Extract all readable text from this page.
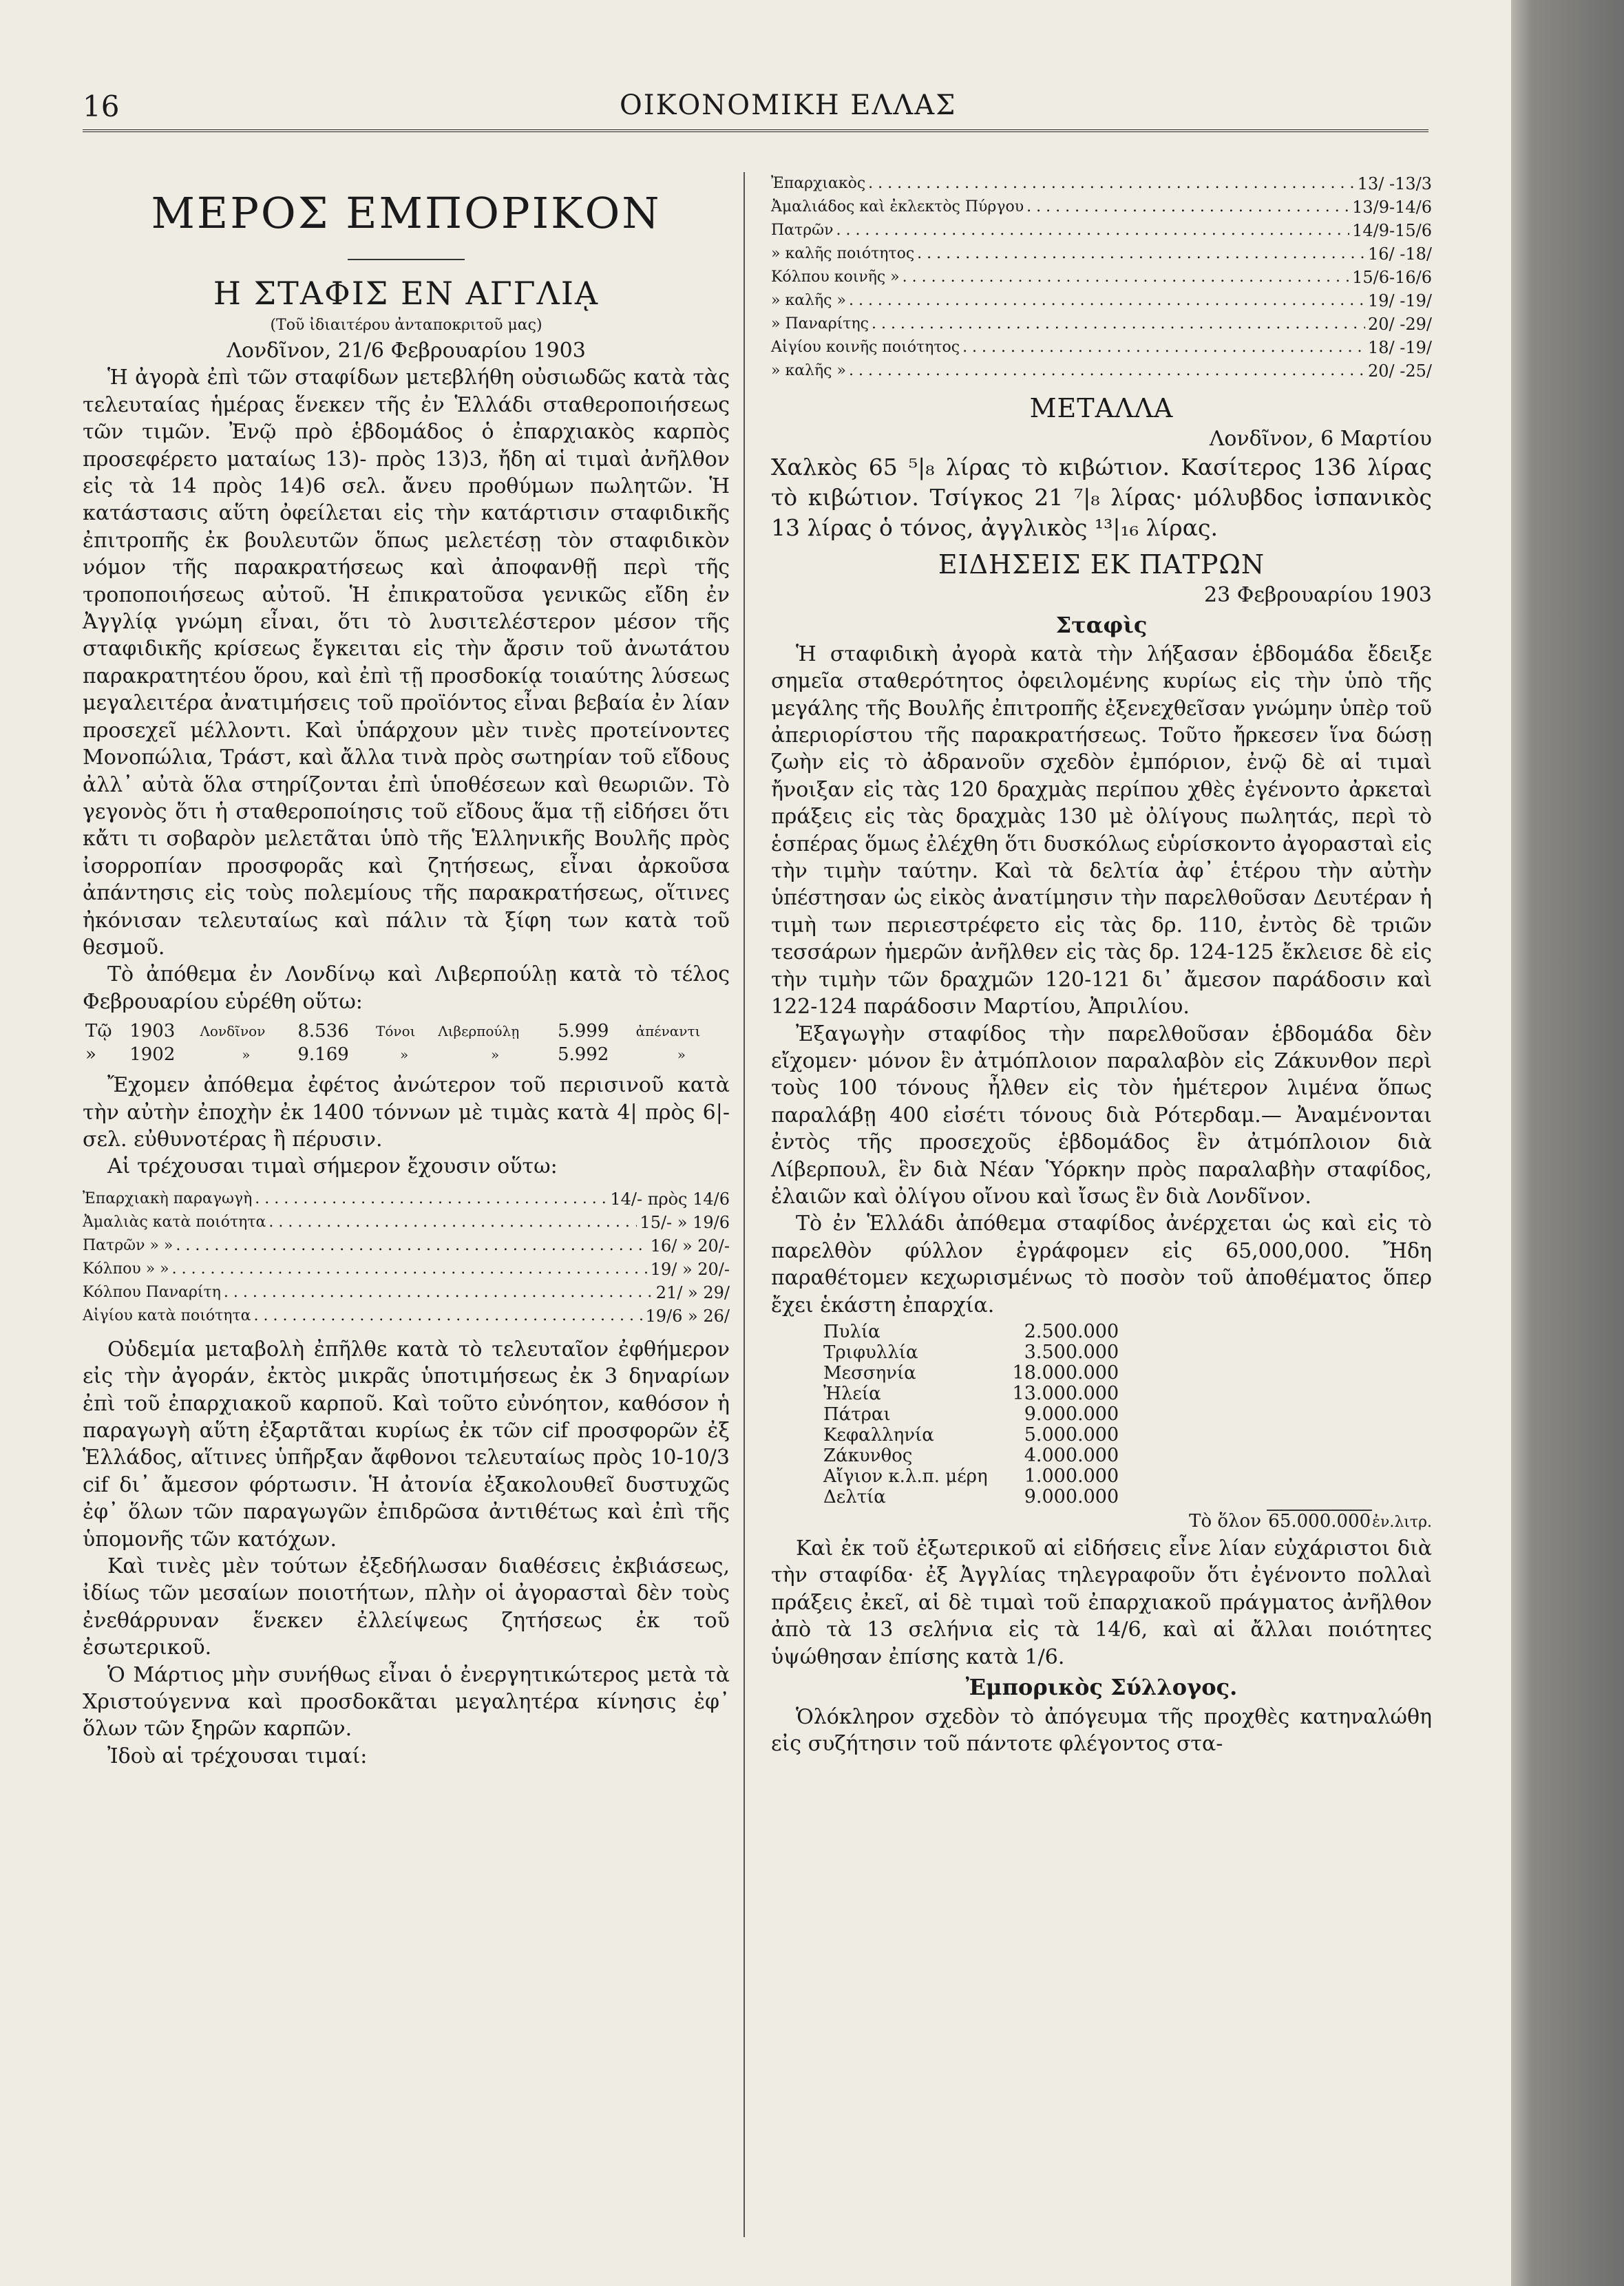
16	ΟΙΚΟΝΟΜΙΚΗ ΕΛΛΑΣ
ΜΕΡΟΣ ΕΜΠΟΡΙΚΟΝ
Η ΣΤΑΦΙΣ ΕΝ ΑΓΓΛΙᾼ

(Τοῦ ἰδιαιτέρου ἀνταποκριτοῦ μας)

Λονδῖνον, 21/6 Φεβρουαρίου 1903

Ἡ ἀγορὰ ἐπὶ τῶν σταφίδων μετεβλήθη οὐσιωδῶς κατὰ τὰς τελευταίας ἡμέρας ἕνεκεν τῆς ἐν Ἑλλάδι σταθεροποιήσεως τῶν τιμῶν. Ἐνῷ πρὸ ἑβδομάδος ὁ ἐπαρχιακὸς καρπὸς προσεφέρετο ματαίως 13)- πρὸς 13)3, ἤδη αἱ τιμαὶ ἀνῆλθον εἰς τὰ 14 πρὸς 14)6 σελ. ἄνευ προθύμων πωλητῶν. Ἡ κατάστασις αὕτη ὀφείλεται εἰς τὴν κατάρτισιν σταφιδικῆς ἐπιτροπῆς ἐκ βουλευτῶν ὅπως μελετέσῃ τὸν σταφιδικὸν νόμον τῆς παρακρατήσεως καὶ ἀποφανθῇ περὶ τῆς τροποποιήσεως αὐτοῦ. Ἡ ἐπικρατοῦσα γενικῶς εἴδη ἐν Ἀγγλίᾳ γνώμη εἶναι, ὅτι τὸ λυσιτελέστερον μέσον τῆς σταφιδικῆς κρίσεως ἔγκειται εἰς τὴν ἄρσιν τοῦ ἀνωτάτου παρακρατητέου ὅρου, καὶ ἐπὶ τῇ προσδοκίᾳ τοιαύτης λύσεως μεγαλειτέρα ἀνατιμήσεις τοῦ προϊόντος εἶναι βεβαία ἐν λίαν προσεχεῖ μέλλοντι. Καὶ ὑπάρχουν μὲν τινὲς προτείνοντες Μονοπώλια, Τράστ, καὶ ἄλλα τινὰ πρὸς σωτηρίαν τοῦ εἴδους ἀλλ᾽ αὐτὰ ὅλα στηρίζονται ἐπὶ ὑποθέσεων καὶ θεωριῶν. Τὸ γεγονὸς ὅτι ἡ σταθεροποίησις τοῦ εἴδους ἅμα τῇ εἰδήσει ὅτι κἄτι τι σοβαρὸν μελετᾶται ὑπὸ τῆς Ἑλληνικῆς Βουλῆς πρὸς ἰσορροπίαν προσφορᾶς καὶ ζητήσεως, εἶναι ἀρκοῦσα ἀπάντησις εἰς τοὺς πολεμίους τῆς παρακρατήσεως, οἵτινες ἠκόνισαν τελευταίως καὶ πάλιν τὰ ξίφη των κατὰ τοῦ θεσμοῦ.

Τὸ ἀπόθεμα ἐν Λονδίνῳ καὶ Λιβερπούλῃ κατὰ τὸ τέλος Φεβρουαρίου εὑρέθη οὕτω:

Τῷ	1903	Λονδῖνον	8.536	Τόνοι	Λιβερπούλῃ	5.999	ἀπέναντι
»	1902	»	9.169	»	»	5.992	»

Ἔχομεν ἀπόθεμα ἐφέτος ἀνώτερον τοῦ περισινοῦ κατὰ τὴν αὐτὴν ἐποχὴν ἐκ 1400 τόννων μὲ τιμὰς κατὰ 4| πρὸς 6|- σελ. εὐθυνοτέρας ἢ πέρυσιν.

Αἱ τρέχουσαι τιμαὶ σήμερον ἔχουσιν οὕτω:

Ἐπαρχιακὴ παραγωγὴ . . .	14/- πρὸς 14/6
Ἀμαλιὰς κατὰ ποιότητα . . .	15/- » 19/6
Πατρῶν » » . . .	16/ » 20/-
Κόλπου » » . . .	19/ » 20/-
Κόλπου Παναρίτη . . .	21/ » 29/
Αἰγίου κατὰ ποιότητα . . .	19/6 » 26/

Οὐδεμία μεταβολὴ ἐπῆλθε κατὰ τὸ τελευταῖον ἐφθήμερον εἰς τὴν ἀγοράν, ἐκτὸς μικρᾶς ὑποτιμήσεως ἐκ 3 δηναρίων ἐπὶ τοῦ ἐπαρχιακοῦ καρποῦ. Καὶ τοῦτο εὐνόητον, καθόσον ἡ παραγωγὴ αὕτη ἐξαρτᾶται κυρίως ἐκ τῶν cif προσφορῶν ἐξ Ἑλλάδος, αἵτινες ὑπῆρξαν ἄφθονοι τελευταίως πρὸς 10-10/3 cif δι᾽ ἄμεσον φόρτωσιν. Ἡ ἀτονία ἐξακολουθεῖ δυστυχῶς ἐφ᾽ ὅλων τῶν παραγωγῶν ἐπιδρῶσα ἀντιθέτως καὶ ἐπὶ τῆς ὑπομονῆς τῶν κατόχων.

Καὶ τινὲς μὲν τούτων ἐξεδήλωσαν διαθέσεις ἐκβιάσεως, ἰδίως τῶν μεσαίων ποιοτήτων, πλὴν οἱ ἀγορασταὶ δὲν τοὺς ἐνεθάρρυναν ἕνεκεν ἐλλείψεως ζητήσεως ἐκ τοῦ ἐσωτερικοῦ.

Ὁ Μάρτιος μὴν συνήθως εἶναι ὁ ἐνεργητικώτερος μετὰ τὰ Χριστούγεννα καὶ προσδοκᾶται μεγαλητέρα κίνησις ἐφ᾽ ὅλων τῶν ξηρῶν καρπῶν.

Ἰδοὺ αἱ τρέχουσαι τιμαί:

Ἐπαρχιακὸς . . .	13/ -13/3
Ἀμαλιάδος καὶ ἐκλεκτὸς Πύργου . . .	13/9-14/6
Πατρῶν . . .	14/9-15/6
» καλῆς ποιότητος . . .	16/ -18/
Κόλπου κοινῆς » . . .	15/6-16/6
» καλῆς » . . .	19/ -19/
» Παναρίτης . . .	20/ -29/
Αἰγίου κοινῆς ποιότητος . . .	18/ -19/
» καλῆς » . . .	20/ -25/
ΜΕΤΑΛΛΑ

Λονδῖνον, 6 Μαρτίου

Χαλκὸς 65 ⁵|₈ λίρας τὸ κιβώτιον. Κασίτερος 136 λίρας τὸ κιβώτιον. Τσίγκος 21 ⁷|₈ λίρας· μόλυβδος ἰσπανικὸς 13 λίρας ὁ τόνος, ἀγγλικὸς ¹³|₁₆ λίρας.

ΕΙΔΗΣΕΙΣ ΕΚ ΠΑΤΡΩΝ

23 Φεβρουαρίου 1903

Σταφὶς

Ἡ σταφιδικὴ ἀγορὰ κατὰ τὴν λήξασαν ἑβδομάδα ἔδειξε σημεῖα σταθερότητος ὀφειλομένης κυρίως εἰς τὴν ὑπὸ τῆς μεγάλης τῆς Βουλῆς ἐπιτροπῆς ἐξενεχθεῖσαν γνώμην ὑπὲρ τοῦ ἀπεριορίστου τῆς παρακρατήσεως. Τοῦτο ἤρκεσεν ἵνα δώσῃ ζωὴν εἰς τὸ ἀδρανοῦν σχεδὸν ἐμπόριον, ἐνῷ δὲ αἱ τιμαὶ ἤνοιξαν εἰς τὰς 120 δραχμὰς περίπου χθὲς ἐγένοντο ἀρκεταὶ πράξεις εἰς τὰς δραχμὰς 130 μὲ ὀλίγους πωλητάς, περὶ τὸ ἑσπέρας ὅμως ἐλέχθη ὅτι δυσκόλως εὑρίσκοντο ἀγορασταὶ εἰς τὴν τιμὴν ταύτην. Καὶ τὰ δελτία ἀφ᾽ ἑτέρου τὴν αὐτὴν ὑπέστησαν ὡς εἰκὸς ἀνατίμησιν τὴν παρελθοῦσαν Δευτέραν ἡ τιμὴ των περιεστρέφετο εἰς τὰς δρ. 110, ἐντὸς δὲ τριῶν τεσσάρων ἡμερῶν ἀνῆλθεν εἰς τὰς δρ. 124-125 ἔκλεισε δὲ εἰς τὴν τιμὴν τῶν δραχμῶν 120-121 δι᾽ ἄμεσον παράδοσιν καὶ 122-124 παράδοσιν Μαρτίου, Ἀπριλίου.

Ἐξαγωγὴν σταφίδος τὴν παρελθοῦσαν ἑβδομάδα δὲν εἴχομεν· μόνον ἓν ἀτμόπλοιον παραλαβὸν εἰς Ζάκυνθον περὶ τοὺς 100 τόνους ἦλθεν εἰς τὸν ἡμέτερον λιμένα ὅπως παραλάβῃ 400 εἰσέτι τόνους διὰ Ρότερδαμ.— Ἀναμένονται ἐντὸς τῆς προσεχοῦς ἑβδομάδος ἓν ἀτμόπλοιον διὰ Λίβερπουλ, ἓν διὰ Νέαν Ὑόρκην πρὸς παραλαβὴν σταφίδος, ἐλαιῶν καὶ ὀλίγου οἴνου καὶ ἴσως ἓν διὰ Λονδῖνον.

Τὸ ἐν Ἑλλάδι ἀπόθεμα σταφίδος ἀνέρχεται ὡς καὶ εἰς τὸ παρελθὸν φύλλον ἐγράφομεν εἰς 65,000,000. Ἤδη παραθέτομεν κεχωρισμένως τὸ ποσὸν τοῦ ἀποθέματος ὅπερ ἔχει ἑκάστη ἐπαρχία.

Πυλία	2.500.000
Τριφυλλία	3.500.000
Μεσσηνία	18.000.000
Ἠλεία	13.000.000
Πάτραι	9.000.000
Κεφαλληνία	5.000.000
Ζάκυνθος	4.000.000
Αἴγιον κ.λ.π. μέρη	1.000.000
Δελτία	9.000.000

Τὸ ὅλον 65.000.000ἐν.λιτρ.

Καὶ ἐκ τοῦ ἐξωτερικοῦ αἱ εἰδήσεις εἶνε λίαν εὐχάριστοι διὰ τὴν σταφίδα· ἐξ Ἀγγλίας τηλεγραφοῦν ὅτι ἐγένοντο πολλαὶ πράξεις ἐκεῖ, αἱ δὲ τιμαὶ τοῦ ἐπαρχιακοῦ πράγματος ἀνῆλθον ἀπὸ τὰ 13 σελήνια εἰς τὰ 14/6, καὶ αἱ ἄλλαι ποιότητες ὑψώθησαν ἐπίσης κατὰ 1/6.

Ἐμπορικὸς Σύλλογος.

Ὁλόκληρον σχεδὸν τὸ ἀπόγευμα τῆς προχθὲς κατηναλώθη εἰς συζήτησιν τοῦ πάντοτε φλέγοντος στα-
